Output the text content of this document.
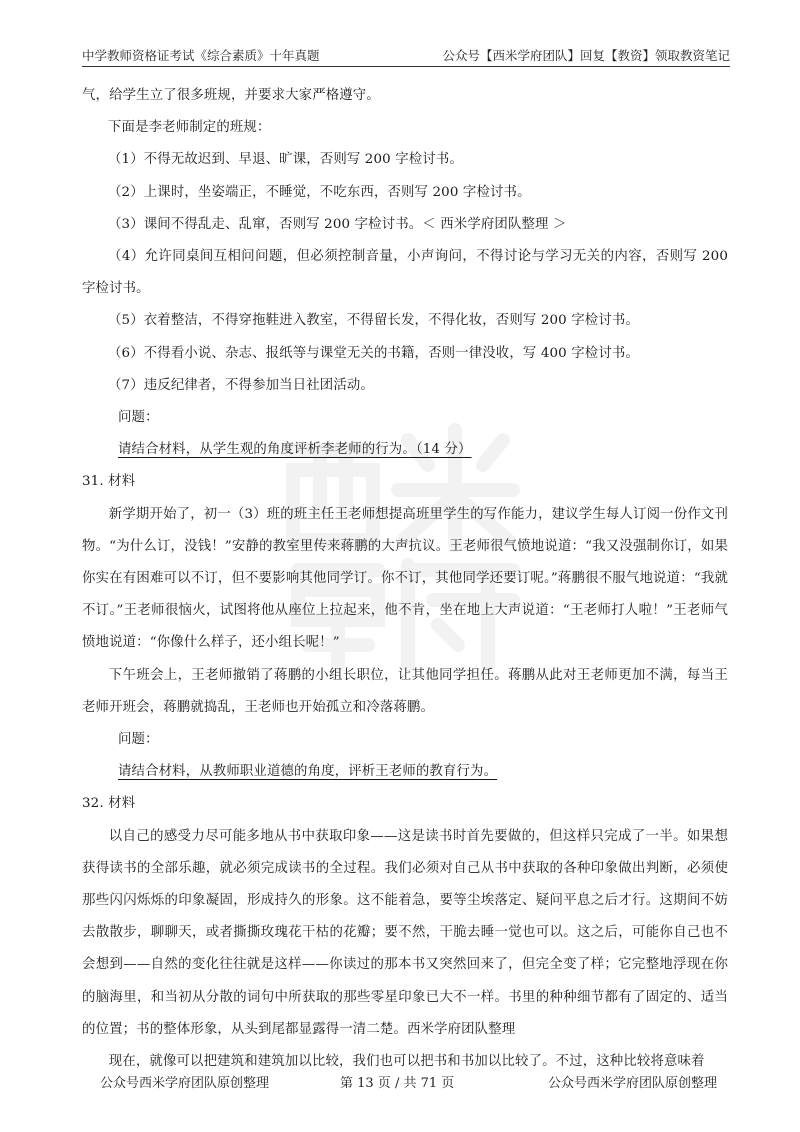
中学教师资格证考试《综合素质》十年真题	公众号【西米学府团队】回复【教资】领取教资笔记

气，给学生立了很多班规，并要求大家严格遵守。

下面是李老师制定的班规：

（1）不得无故迟到、早退、旷课，否则写 200 字检讨书。

（2）上课时，坐姿端正，不睡觉，不吃东西，否则写 200 字检讨书。

（3）课间不得乱走、乱窜，否则写 200 字检讨书。＜ 西米学府团队整理 ＞

（4）允许同桌间互相问问题，但必须控制音量，小声询问，不得讨论与学习无关的内容，否则写 200 字检讨书。

（5）衣着整洁，不得穿拖鞋进入教室，不得留长发，不得化妆，否则写 200 字检讨书。

（6）不得看小说、杂志、报纸等与课堂无关的书籍，否则一律没收，写 400 字检讨书。

（7）违反纪律者，不得参加当日社团活动。

问题：

请结合材料，从学生观的角度评析李老师的行为。（14 分）

31. 材料

新学期开始了，初一（3）班的班主任王老师想提高班里学生的写作能力，建议学生每人订阅一份作文刊物。“为什么订，没钱！”安静的教室里传来蒋鹏的大声抗议。王老师很气愤地说道：“我又没强制你订，如果你实在有困难可以不订，但不要影响其他同学订。你不订，其他同学还要订呢。”蒋鹏很不服气地说道：“我就不订。”王老师很恼火，试图将他从座位上拉起来，他不肯，坐在地上大声说道：“王老师打人啦！”王老师气愤地说道：“你像什么样子，还小组长呢！”

下午班会上，王老师撤销了蒋鹏的小组长职位，让其他同学担任。蒋鹏从此对王老师更加不满，每当王老师开班会，蒋鹏就捣乱，王老师也开始孤立和冷落蒋鹏。

问题：

请结合材料，从教师职业道德的角度，评析王老师的教育行为。

32. 材料

以自己的感受力尽可能多地从书中获取印象——这是读书时首先要做的，但这样只完成了一半。如果想获得读书的全部乐趣，就必须完成读书的全过程。我们必须对自己从书中获取的各种印象做出判断，必须使那些闪闪烁烁的印象凝固，形成持久的形象。这不能着急，要等尘埃落定、疑问平息之后才行。这期间不妨去散散步，聊聊天，或者撕撕玫瑰花干枯的花瓣；要不然，干脆去睡一觉也可以。这之后，可能你自己也不会想到——自然的变化往往就是这样——你读过的那本书又突然回来了，但完全变了样；它完整地浮现在你的脑海里，和当初从分散的词句中所获取的那些零星印象已大不一样。书里的种种细节都有了固定的、适当的位置；书的整体形象，从头到尾都显露得一清二楚。西米学府团队整理

现在，就像可以把建筑和建筑加以比较，我们也可以把书和书加以比较了。不过，这种比较将意味着

公众号西米学府团队原创整理	第 13 页 / 共 71 页	公众号西米学府团队原创整理
